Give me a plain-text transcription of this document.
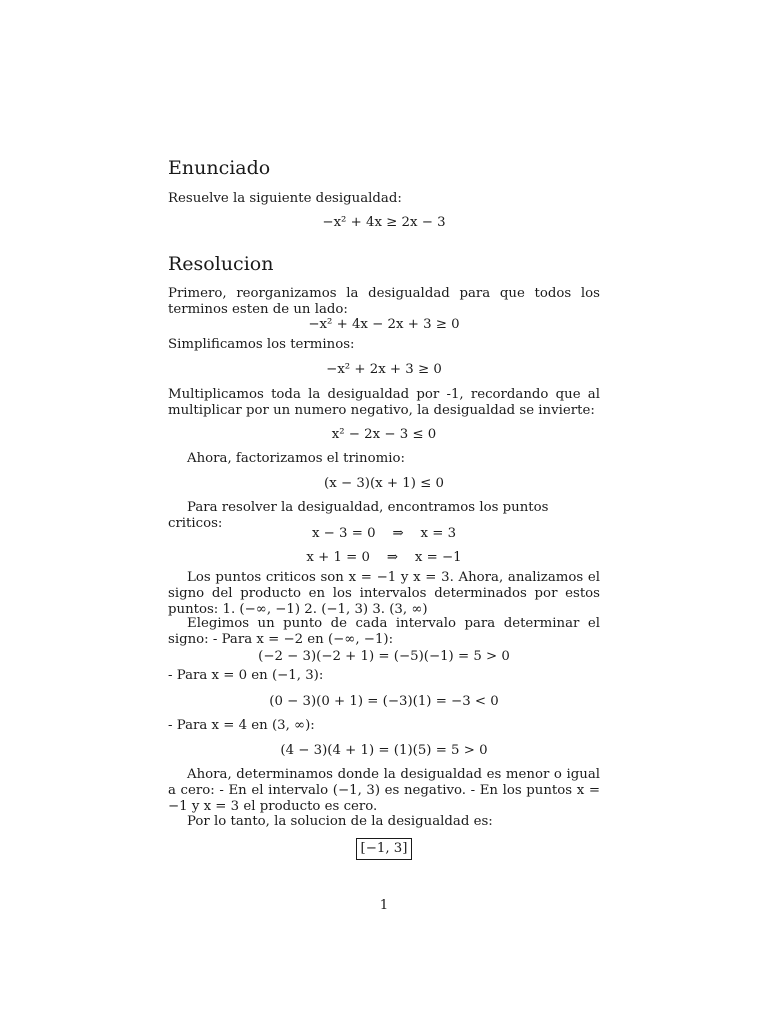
Enunciado
Resuelve la siguiente desigualdad:
−x² + 4x ≥ 2x − 3
Resolucion
Primero, reorganizamos la desigualdad para que todos los terminos esten de un lado:
−x² + 4x − 2x + 3 ≥ 0
Simplificamos los terminos:
−x² + 2x + 3 ≥ 0
Multiplicamos toda la desigualdad por -1, recordando que al multiplicar por un numero negativo, la desigualdad se invierte:
x² − 2x − 3 ≤ 0
Ahora, factorizamos el trinomio:
(x − 3)(x + 1) ≤ 0
Para resolver la desigualdad, encontramos los puntos criticos:
x − 3 = 0    ⇒    x = 3
x + 1 = 0    ⇒    x = −1
Los puntos criticos son x = −1 y x = 3. Ahora, analizamos el signo del producto en los intervalos determinados por estos puntos: 1. (−∞, −1) 2. (−1, 3) 3. (3, ∞)
Elegimos un punto de cada intervalo para determinar el signo: - Para x = −2 en (−∞, −1):
(−2 − 3)(−2 + 1) = (−5)(−1) = 5 > 0
- Para x = 0 en (−1, 3):
(0 − 3)(0 + 1) = (−3)(1) = −3 < 0
- Para x = 4 en (3, ∞):
(4 − 3)(4 + 1) = (1)(5) = 5 > 0
Ahora, determinamos donde la desigualdad es menor o igual a cero: - En el intervalo (−1, 3) es negativo. - En los puntos x = −1 y x = 3 el producto es cero.
Por lo tanto, la solucion de la desigualdad es:
[−1, 3]
1
